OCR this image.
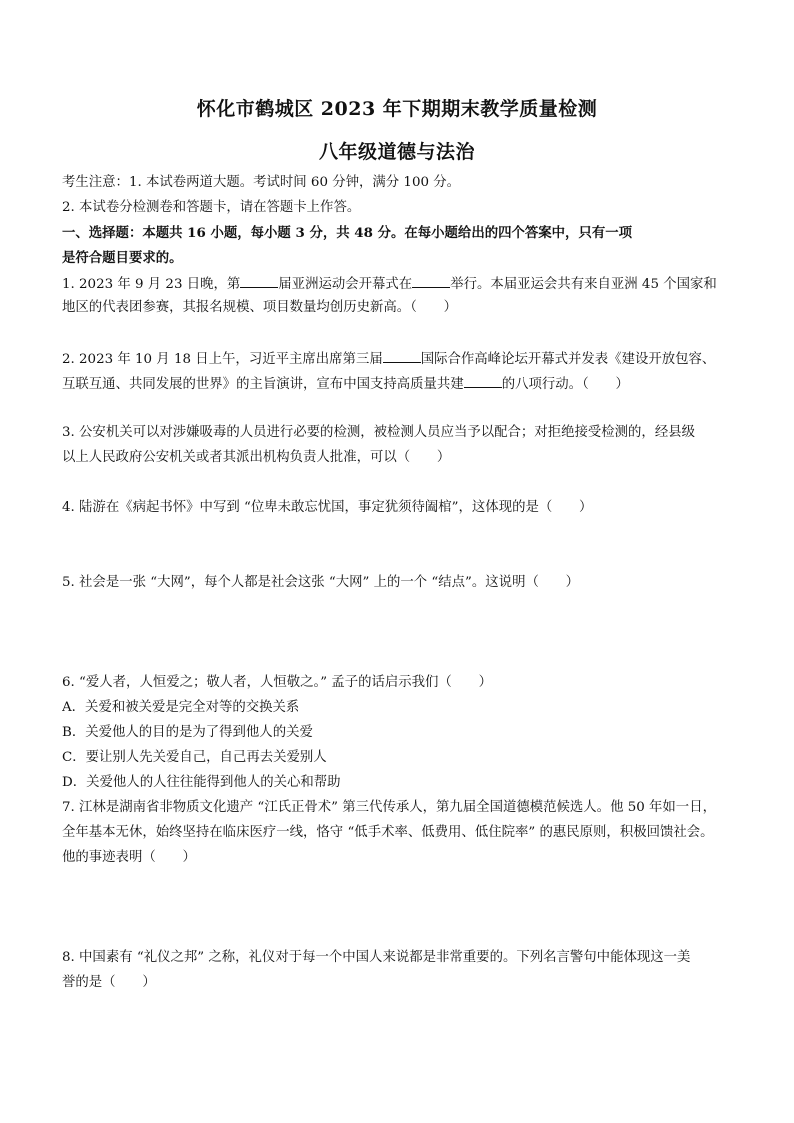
怀化市鹤城区 2023 年下期期末教学质量检测
八年级道德与法治
考生注意：1. 本试卷两道大题。考试时间 60 分钟，满分 100 分。
2. 本试卷分检测卷和答题卡，请在答题卡上作答。
一、选择题：本题共 16 小题，每小题 3 分，共 48 分。在每小题给出的四个答案中，只有一项
是符合题目要求的。
1. 2023 年 9 月 23 日晚，第	届亚洲运动会开幕式在	举行。本届亚运会共有来自亚洲 45 个国家和
地区的代表团参赛，其报名规模、项目数量均创历史新高。（　　）
2. 2023 年 10 月 18 日上午，习近平主席出席第三届	国际合作高峰论坛开幕式并发表《建设开放包容、
互联互通、共同发展的世界》的主旨演讲，宣布中国支持高质量共建	的八项行动。（　　）
3. 公安机关可以对涉嫌吸毒的人员进行必要的检测，被检测人员应当予以配合；对拒绝接受检测的，经县级
以上人民政府公安机关或者其派出机构负责人批准，可以（　　）
4. 陆游在《病起书怀》中写到 “位卑未敢忘忧国，事定犹须待阖棺”，这体现的是（　　）
5. 社会是一张 “大网”，每个人都是社会这张 “大网” 上的一个 “结点”。这说明（　　）
6. “爱人者，人恒爱之；敬人者，人恒敬之。” 孟子的话启示我们（　　）
A．关爱和被关爱是完全对等的交换关系
B．关爱他人的目的是为了得到他人的关爱
C．要让别人先关爱自己，自己再去关爱别人
D．关爱他人的人往往能得到他人的关心和帮助
7. 江林是湖南省非物质文化遗产 “江氏正骨术” 第三代传承人，第九届全国道德模范候选人。他 50 年如一日，
全年基本无休，始终坚持在临床医疗一线，恪守 “低手术率、低费用、低住院率” 的惠民原则，积极回馈社会。
他的事迹表明（　　）
8. 中国素有 “礼仪之邦” 之称，礼仪对于每一个中国人来说都是非常重要的。下列名言警句中能体现这一美
誉的是（　　）
